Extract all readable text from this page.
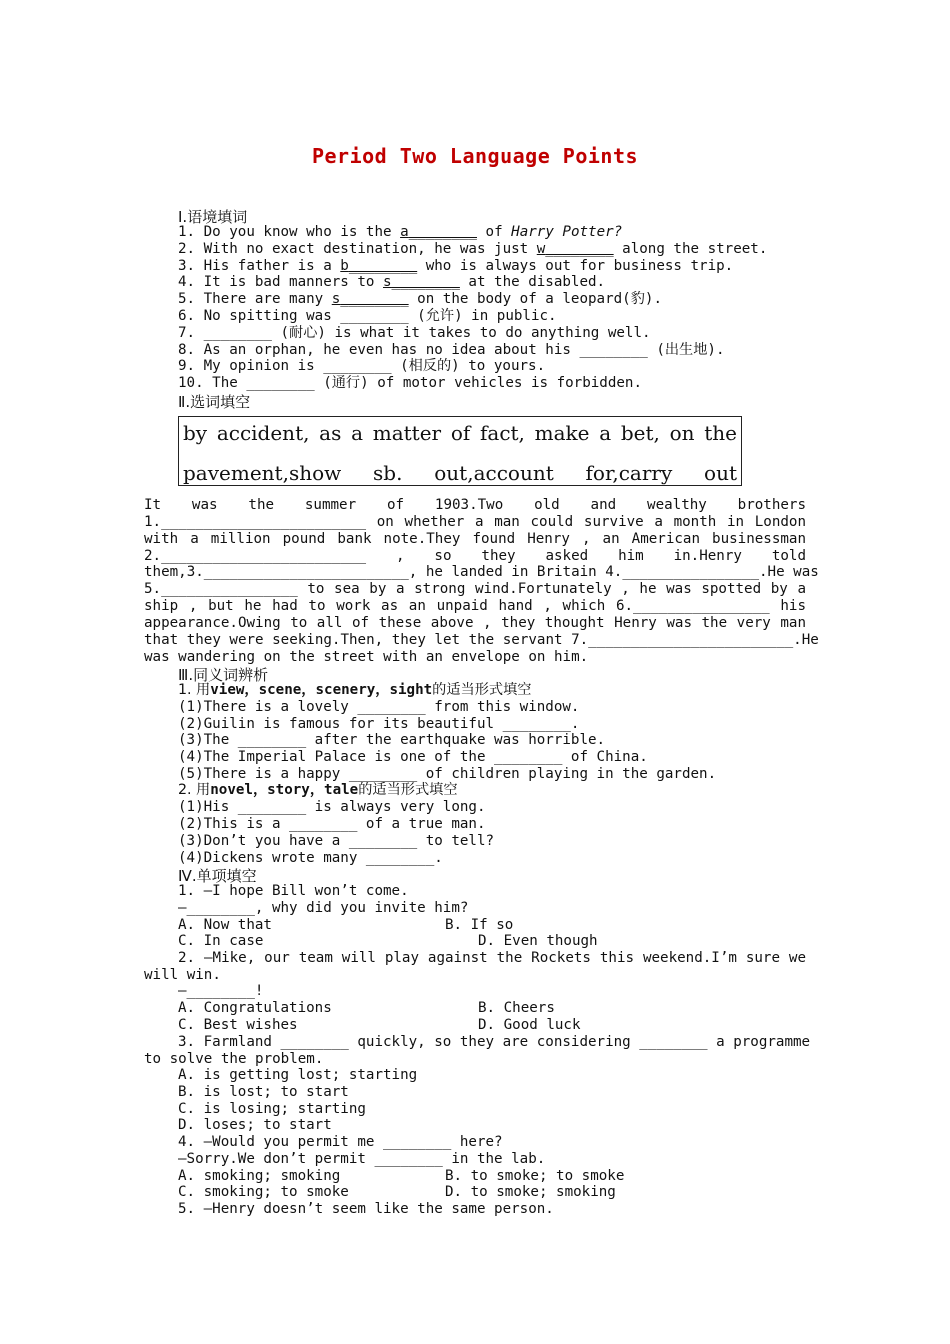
Period Two Language Points
Ⅰ.语境填词
1. Do you know who is the a________ of Harry Potter?
2. With no exact destination, he was just w________ along the street.
3. His father is a b________ who is always out for business trip.
4. It is bad manners to s________ at the disabled.
5. There are many s________ on the body of a leopard(豹).
6. No spitting was ________ (允许) in public.
7. ________ (耐心) is what it takes to do anything well.
8. As an orphan, he even has no idea about his ________ (出生地).
9. My opinion is ________ (相反的) to yours.
10. The ________ (通行) of motor vehicles is forbidden.
Ⅱ.选词填空
by accident, as a matter of fact, make a bet, on the
pavement,show sb. out,account for,carry out
It was the summer of 1903.Two old and wealthy brothers
1.________________________ on whether a man could survive a month in London
with a million pound bank note.They found Henry , an American businessman
2.________________________ , so they asked him in.Henry told
them,3.________________________, he landed in Britain 4.________________.He was
5.________________ to sea by a strong wind.Fortunately , he was spotted by a
ship , but he had to work as an unpaid hand , which 6.________________ his
appearance.Owing to all of these above , they thought Henry was the very man
that they were seeking.Then, they let the servant 7.________________________.He
was wandering on the street with an envelope on him.
Ⅲ.同义词辨析
1. 用view，scene，scenery，sight的适当形式填空
(1)There is a lovely ________ from this window.
(2)Guilin is famous for its beautiful ________.
(3)The ________ after the earthquake was horrible.
(4)The Imperial Palace is one of the ________ of China.
(5)There is a happy ________ of children playing in the garden.
2. 用novel，story，tale的适当形式填空
(1)His ________ is always very long.
(2)This is a ________ of a true man.
(3)Don’t you have a ________ to tell?
(4)Dickens wrote many ________.
Ⅳ.单项填空
1. —I hope Bill won’t come.
—________, why did you invite him?
A. Now that	B. If so
C. In case	D. Even though
2. —Mike, our team will play against the Rockets this weekend.I’m sure we
will win.
—________!
A. Congratulations	B. Cheers
C. Best wishes	D. Good luck
3. Farmland ________ quickly, so they are considering ________ a programme
to solve the problem.
A. is getting lost; starting
B. is lost; to start
C. is losing; starting
D. loses; to start
4. —Would you permit me ________ here?
—Sorry.We don’t permit ________ in the lab.
A. smoking; smoking	B. to smoke; to smoke
C. smoking; to smoke	D. to smoke; smoking
5. —Henry doesn’t seem like the same person.
